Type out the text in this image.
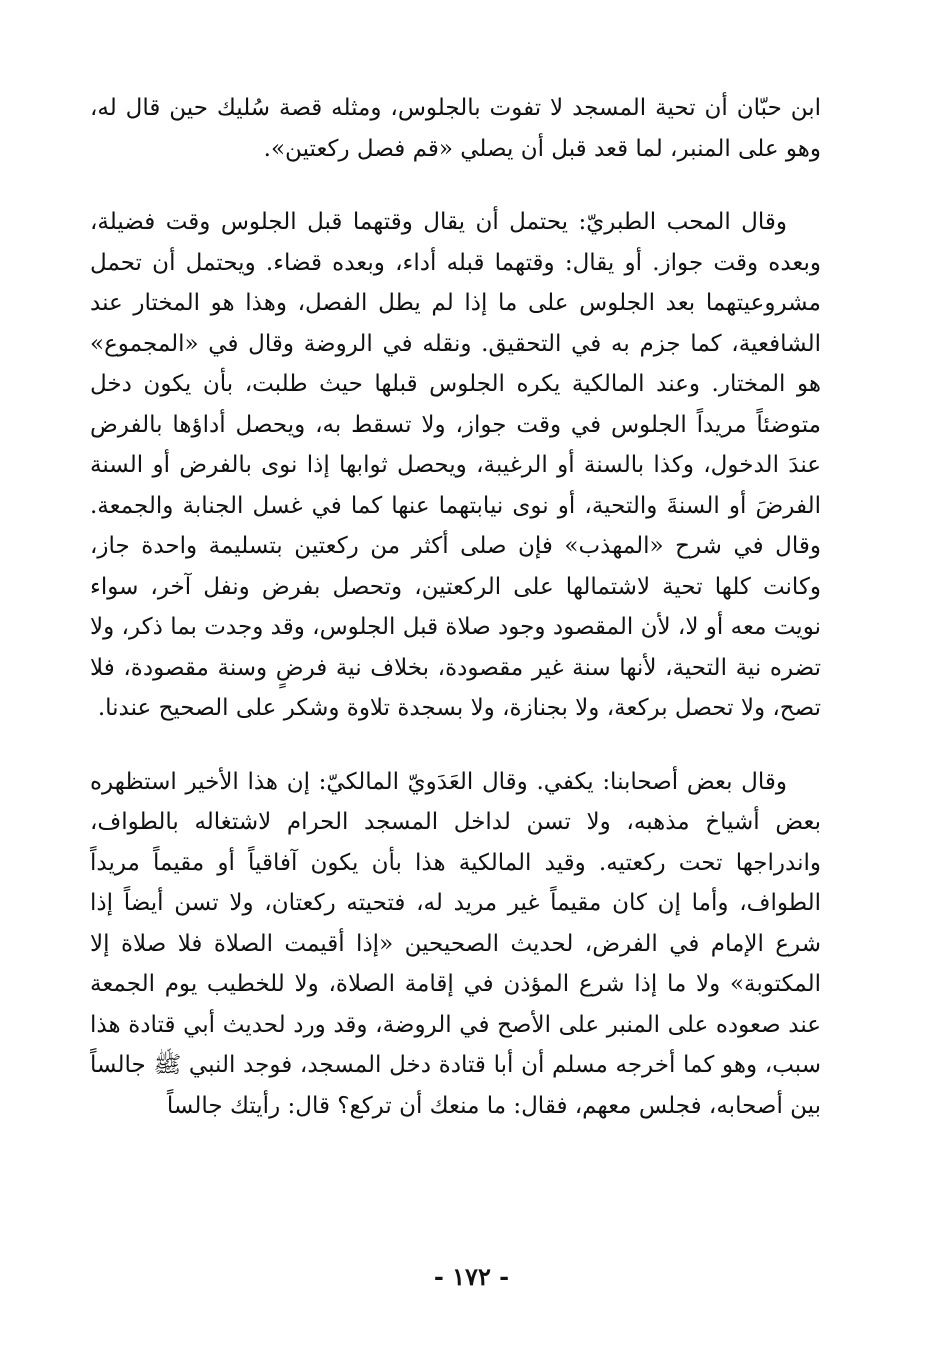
ابن حبّان أن تحية المسجد لا تفوت بالجلوس، ومثله قصة سُليك حين قال له، وهو على المنبر، لما قعد قبل أن يصلي «قم فصل ركعتين».

وقال المحب الطبريّ: يحتمل أن يقال وقتهما قبل الجلوس وقت فضيلة، وبعده وقت جواز. أو يقال: وقتهما قبله أداء، وبعده قضاء. ويحتمل أن تحمل مشروعيتهما بعد الجلوس على ما إذا لم يطل الفصل، وهذا هو المختار عند الشافعية، كما جزم به في التحقيق. ونقله في الروضة وقال في «المجموع» هو المختار. وعند المالكية يكره الجلوس قبلها حيث طلبت، بأن يكون دخل متوضئاً مريداً الجلوس في وقت جواز، ولا تسقط به، ويحصل أداؤها بالفرض عندَ الدخول، وكذا بالسنة أو الرغيبة، ويحصل ثوابها إذا نوى بالفرض أو السنة الفرضَ أو السنةَ والتحية، أو نوى نيابتهما عنها كما في غسل الجنابة والجمعة. وقال في شرح «المهذب» فإن صلى أكثر من ركعتين بتسليمة واحدة جاز، وكانت كلها تحية لاشتمالها على الركعتين، وتحصل بفرض ونفل آخر، سواء نويت معه أو لا، لأن المقصود وجود صلاة قبل الجلوس، وقد وجدت بما ذكر، ولا تضره نية التحية، لأنها سنة غير مقصودة، بخلاف نية فرضٍ وسنة مقصودة، فلا تصح، ولا تحصل بركعة، ولا بجنازة، ولا بسجدة تلاوة وشكر على الصحيح عندنا.

وقال بعض أصحابنا: يكفي. وقال العَدَويّ المالكيّ: إن هذا الأخير استظهره بعض أشياخ مذهبه، ولا تسن لداخل المسجد الحرام لاشتغاله بالطواف، واندراجها تحت ركعتيه. وقيد المالكية هذا بأن يكون آفاقياً أو مقيماً مريداً الطواف، وأما إن كان مقيماً غير مريد له، فتحيته ركعتان، ولا تسن أيضاً إذا شرع الإمام في الفرض، لحديث الصحيحين «إذا أقيمت الصلاة فلا صلاة إلا المكتوبة» ولا ما إذا شرع المؤذن في إقامة الصلاة، ولا للخطيب يوم الجمعة عند صعوده على المنبر على الأصح في الروضة، وقد ورد لحديث أبي قتادة هذا سبب، وهو كما أخرجه مسلم أن أبا قتادة دخل المسجد، فوجد النبي ﷺ جالساً بين أصحابه، فجلس معهم، فقال: ما منعك أن تركع؟ قال: رأيتك جالساً

- ١٧٢ -
